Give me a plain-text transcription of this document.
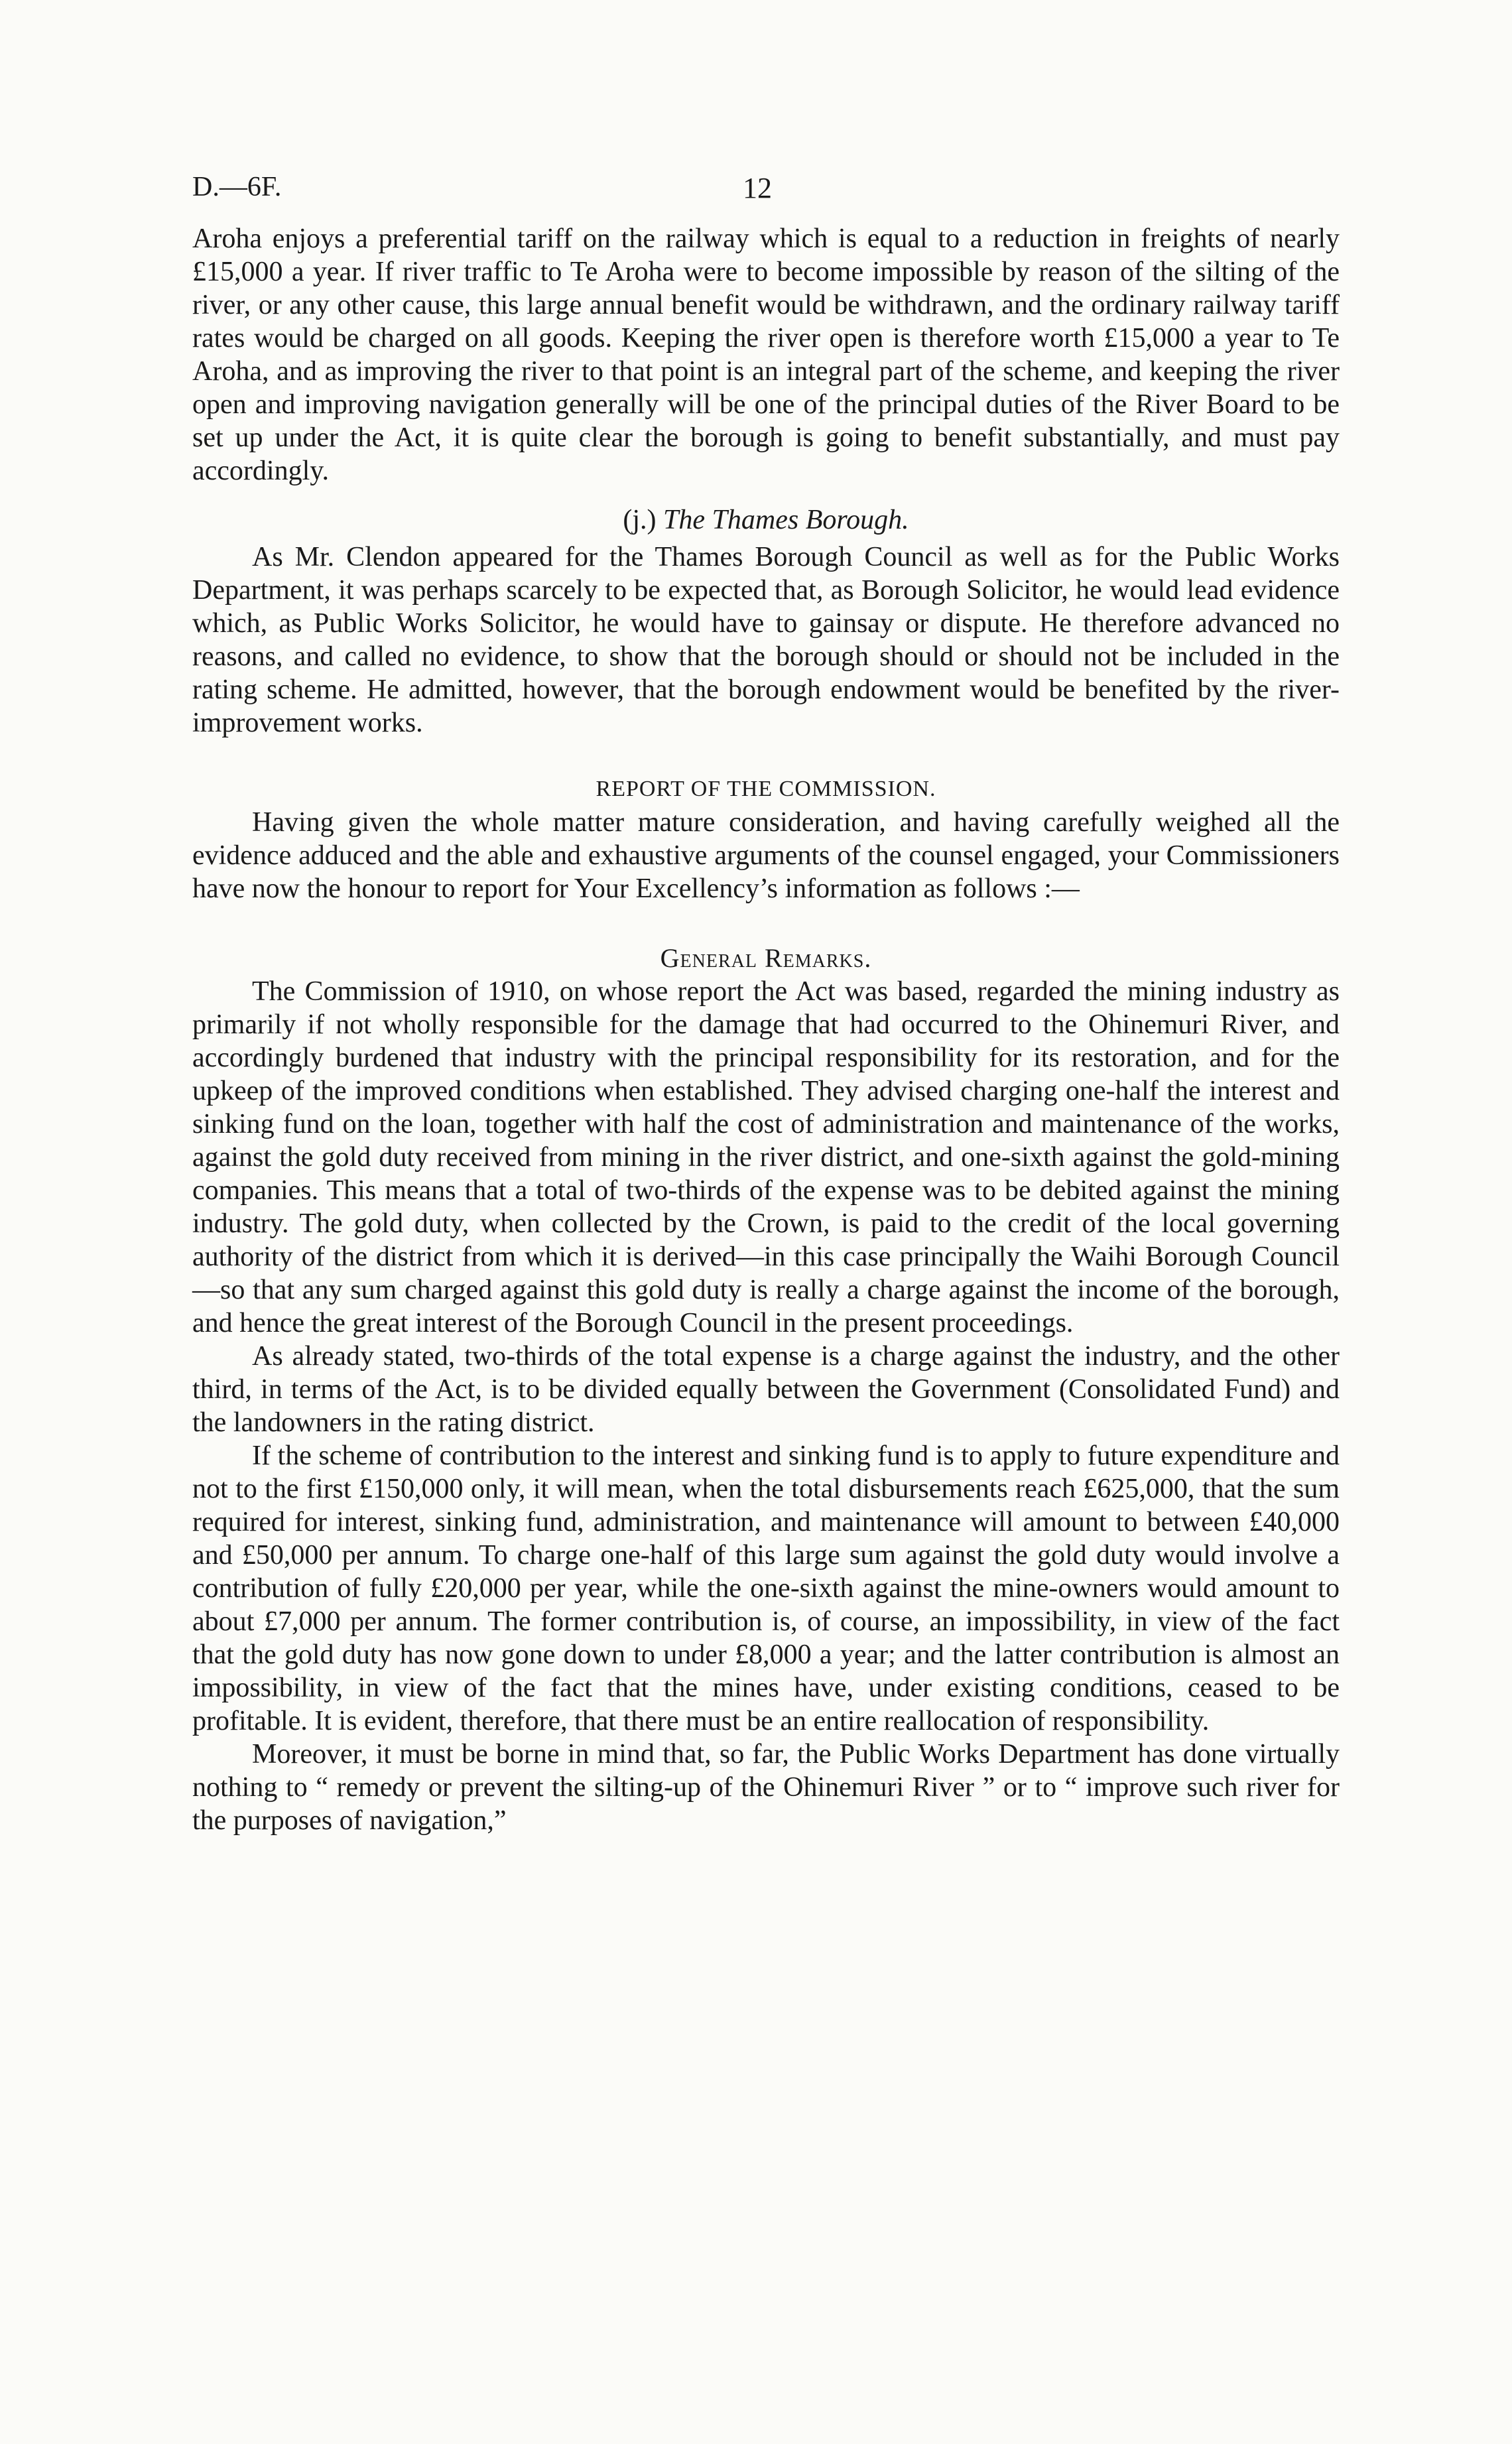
D.—6F.	12

Aroha enjoys a preferential tariff on the railway which is equal to a reduction in freights of nearly £15,000 a year. If river traffic to Te Aroha were to become impossible by reason of the silting of the river, or any other cause, this large annual benefit would be withdrawn, and the ordinary railway tariff rates would be charged on all goods. Keeping the river open is therefore worth £15,000 a year to Te Aroha, and as improving the river to that point is an integral part of the scheme, and keeping the river open and improving navigation generally will be one of the principal duties of the River Board to be set up under the Act, it is quite clear the borough is going to benefit substantially, and must pay accordingly.

(j.) The Thames Borough.

As Mr. Clendon appeared for the Thames Borough Council as well as for the Public Works Department, it was perhaps scarcely to be expected that, as Borough Solicitor, he would lead evidence which, as Public Works Solicitor, he would have to gainsay or dispute. He therefore advanced no reasons, and called no evidence, to show that the borough should or should not be included in the rating scheme. He admitted, however, that the borough endowment would be benefited by the river-improvement works.

REPORT OF THE COMMISSION.

Having given the whole matter mature consideration, and having carefully weighed all the evidence adduced and the able and exhaustive arguments of the counsel engaged, your Commissioners have now the honour to report for Your Excellency’s information as follows :—

General Remarks.

The Commission of 1910, on whose report the Act was based, regarded the mining industry as primarily if not wholly responsible for the damage that had occurred to the Ohinemuri River, and accordingly burdened that industry with the principal responsibility for its restoration, and for the upkeep of the improved conditions when established. They advised charging one-half the interest and sinking fund on the loan, together with half the cost of administration and maintenance of the works, against the gold duty received from mining in the river district, and one-sixth against the gold-mining companies. This means that a total of two-thirds of the expense was to be debited against the mining industry. The gold duty, when collected by the Crown, is paid to the credit of the local governing authority of the district from which it is derived—in this case principally the Waihi Borough Council—so that any sum charged against this gold duty is really a charge against the income of the borough, and hence the great interest of the Borough Council in the present proceedings.

As already stated, two-thirds of the total expense is a charge against the industry, and the other third, in terms of the Act, is to be divided equally between the Government (Consolidated Fund) and the landowners in the rating district.

If the scheme of contribution to the interest and sinking fund is to apply to future expenditure and not to the first £150,000 only, it will mean, when the total disbursements reach £625,000, that the sum required for interest, sinking fund, administration, and maintenance will amount to between £40,000 and £50,000 per annum. To charge one-half of this large sum against the gold duty would involve a contribution of fully £20,000 per year, while the one-sixth against the mine-owners would amount to about £7,000 per annum. The former contribution is, of course, an impossibility, in view of the fact that the gold duty has now gone down to under £8,000 a year; and the latter contribution is almost an impossibility, in view of the fact that the mines have, under existing conditions, ceased to be profitable. It is evident, therefore, that there must be an entire reallocation of responsibility.

Moreover, it must be borne in mind that, so far, the Public Works Department has done virtually nothing to “ remedy or prevent the silting-up of the Ohinemuri River ” or to “ improve such river for the purposes of navigation,”
